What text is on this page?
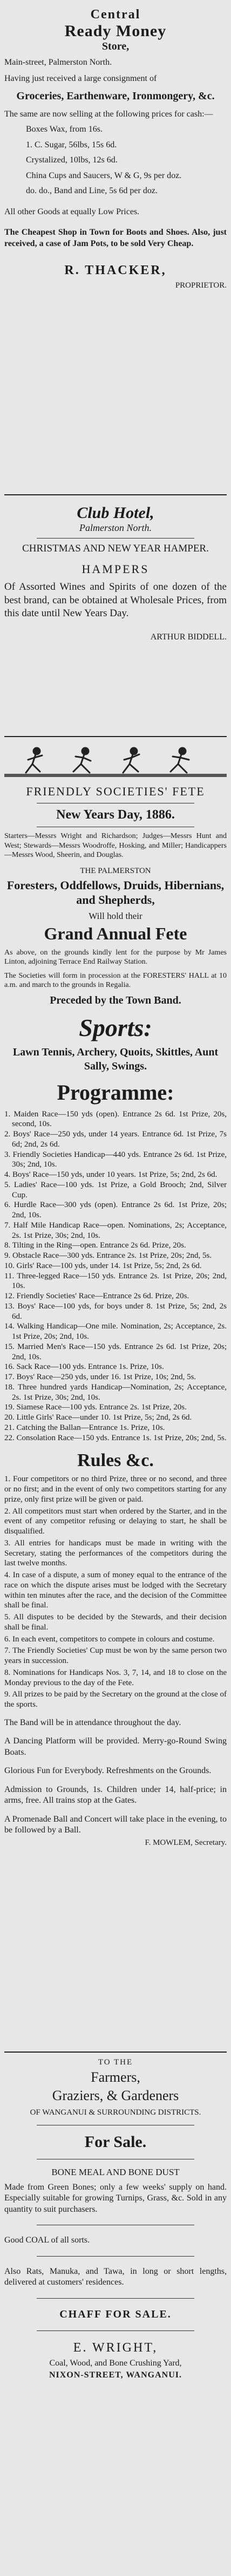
Central

Ready Money

Store,

Main-street, Palmerston North.

Having just received a large consignment of

Groceries, Earthenware, Ironmongery, &c.

The same are now selling at the following prices for cash:—

Boxes Wax, from 16s.

1. C. Sugar, 56lbs, 15s 6d.

Crystalized, 10lbs, 12s 6d.

China Cups and Saucers, W & G, 9s per doz.

do. do., Band and Line, 5s 6d per doz.

All other Goods at equally Low Prices.

The Cheapest Shop in Town for Boots and Shoes. Also, just received, a case of Jam Pots, to be sold Very Cheap.

R. THACKER,

PROPRIETOR.

Club Hotel,

Palmerston North.

CHRISTMAS AND NEW YEAR HAMPER.

HAMPERS

Of Assorted Wines and Spirits of one dozen of the best brand, can be obtained at Wholesale Prices, from this date until New Years Day.

ARTHUR BIDDELL.

FRIENDLY SOCIETIES' FETE

New Years Day, 1886.

Starters—Messrs Wright and Richardson; Judges—Messrs Hunt and West; Stewards—Messrs Woodroffe, Hosking, and Miller; Handicappers—Messrs Wood, Sheerin, and Douglas.

THE PALMERSTON

Foresters, Oddfellows, Druids, Hibernians, and Shepherds,

Will hold their

Grand Annual Fete

As above, on the grounds kindly lent for the purpose by Mr James Linton, adjoining Terrace End Railway Station.

The Societies will form in procession at the FORESTERS' HALL at 10 a.m. and march to the grounds in Regalia.

Preceded by the Town Band.

Sports:

Lawn Tennis, Archery, Quoits, Skittles, Aunt Sally, Swings.

Programme:

1. Maiden Race—150 yds (open). Entrance 2s 6d. 1st Prize, 20s, second, 10s.

2. Boys' Race—250 yds, under 14 years. Entrance 6d. 1st Prize, 7s 6d; 2nd, 2s 6d.

3. Friendly Societies Handicap—440 yds. Entrance 2s 6d. 1st Prize, 30s; 2nd, 10s.

4. Boys' Race—150 yds, under 10 years. 1st Prize, 5s; 2nd, 2s 6d.

5. Ladies' Race—100 yds. 1st Prize, a Gold Brooch; 2nd, Silver Cup.

6. Hurdle Race—300 yds (open). Entrance 2s 6d. 1st Prize, 20s; 2nd, 10s.

7. Half Mile Handicap Race—open. Nominations, 2s; Acceptance, 2s. 1st Prize, 30s; 2nd, 10s.

8. Tilting in the Ring—open. Entrance 2s 6d. Prize, 20s.

9. Obstacle Race—300 yds. Entrance 2s. 1st Prize, 20s; 2nd, 5s.

10. Girls' Race—100 yds, under 14. 1st Prize, 5s; 2nd, 2s 6d.

11. Three-legged Race—150 yds. Entrance 2s. 1st Prize, 20s; 2nd, 10s.

12. Friendly Societies' Race—Entrance 2s 6d. Prize, 20s.

13. Boys' Race—100 yds, for boys under 8. 1st Prize, 5s; 2nd, 2s 6d.

14. Walking Handicap—One mile. Nomination, 2s; Acceptance, 2s. 1st Prize, 20s; 2nd, 10s.

15. Married Men's Race—150 yds. Entrance 2s 6d. 1st Prize, 20s; 2nd, 10s.

16. Sack Race—100 yds. Entrance 1s. Prize, 10s.

17. Boys' Race—250 yds, under 16. 1st Prize, 10s; 2nd, 5s.

18. Three hundred yards Handicap—Nomination, 2s; Acceptance, 2s. 1st Prize, 30s; 2nd, 10s.

19. Siamese Race—100 yds. Entrance 2s. 1st Prize, 20s.

20. Little Girls' Race—under 10. 1st Prize, 5s; 2nd, 2s 6d.

21. Catching the Ballan—Entrance 1s. Prize, 10s.

22. Consolation Race—150 yds. Entrance 1s. 1st Prize, 20s; 2nd, 5s.

Rules &c.

1. Four competitors or no third Prize, three or no second, and three or no first; and in the event of only two competitors starting for any prize, only first prize will be given or paid.

2. All competitors must start when ordered by the Starter, and in the event of any competitor refusing or delaying to start, he shall be disqualified.

3. All entries for handicaps must be made in writing with the Secretary, stating the performances of the competitors during the last twelve months.

4. In case of a dispute, a sum of money equal to the entrance of the race on which the dispute arises must be lodged with the Secretary within ten minutes after the race, and the decision of the Committee shall be final.

5. All disputes to be decided by the Stewards, and their decision shall be final.

6. In each event, competitors to compete in colours and costume.

7. The Friendly Societies' Cup must be won by the same person two years in succession.

8. Nominations for Handicaps Nos. 3, 7, 14, and 18 to close on the Monday previous to the day of the Fete.

9. All prizes to be paid by the Secretary on the ground at the close of the sports.

The Band will be in attendance throughout the day.

A Dancing Platform will be provided. Merry-go-Round Swing Boats.

Glorious Fun for Everybody. Refreshments on the Grounds.

Admission to Grounds, 1s. Children under 14, half-price; in arms, free. All trains stop at the Gates.

A Promenade Ball and Concert will take place in the evening, to be followed by a Ball.

F. MOWLEM, Secretary.

TO THE

Farmers,

Graziers, & Gardeners

OF WANGANUI & SURROUNDING DISTRICTS.

For Sale.

BONE MEAL AND BONE DUST

Made from Green Bones; only a few weeks' supply on hand. Especially suitable for growing Turnips, Grass, &c. Sold in any quantity to suit purchasers.

Good COAL of all sorts.

Also Rats, Manuka, and Tawa, in long or short lengths, delivered at customers' residences.

CHAFF FOR SALE.

E. WRIGHT,

Coal, Wood, and Bone Crushing Yard,

NIXON-STREET, WANGANUI.
